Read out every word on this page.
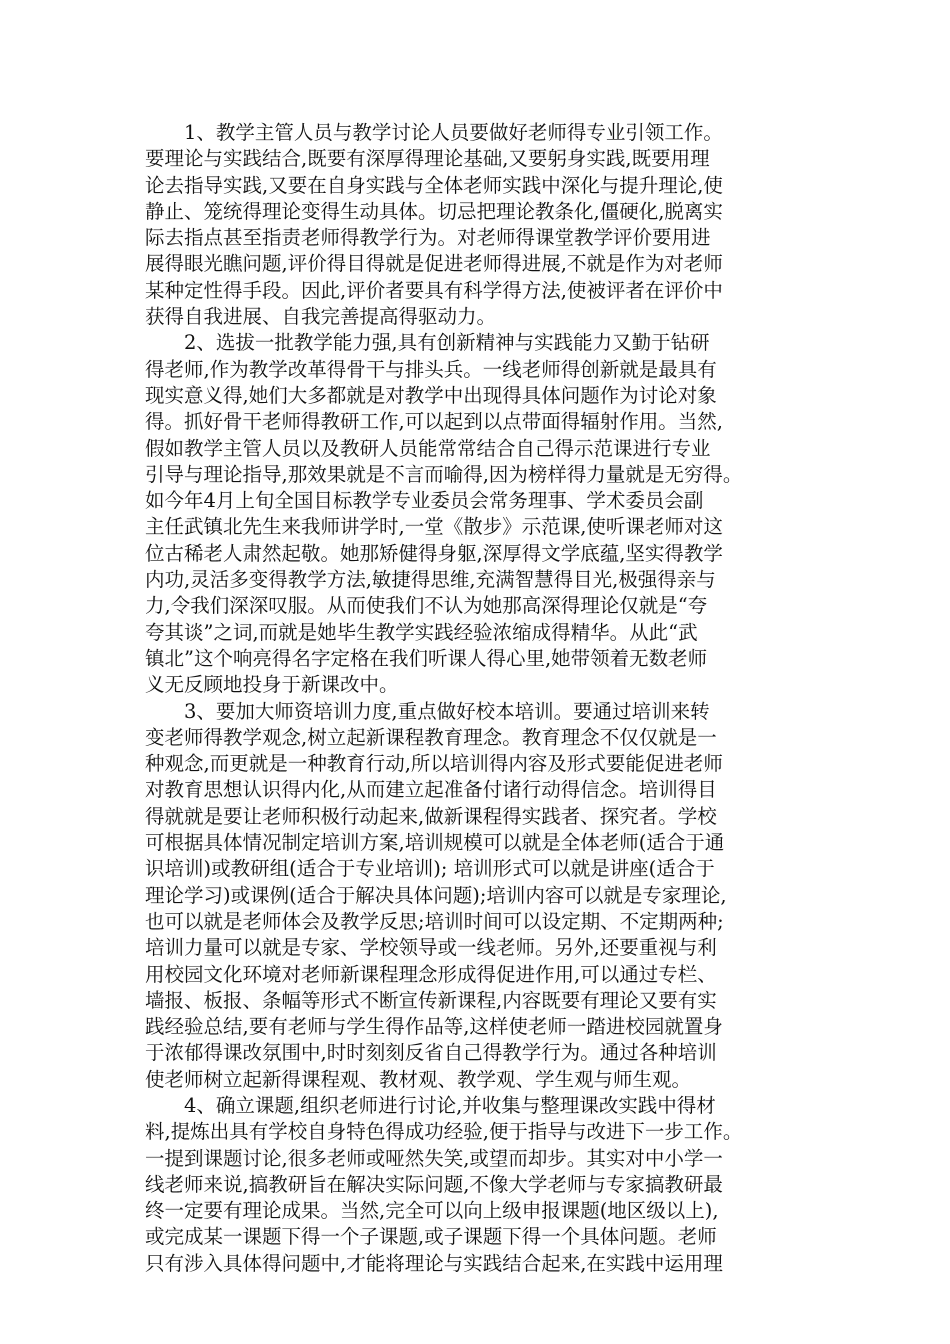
　　1、教学主管人员与教学讨论人员要做好老师得专业引领工作。
要理论与实践结合,既要有深厚得理论基础,又要躬身实践,既要用理
论去指导实践,又要在自身实践与全体老师实践中深化与提升理论,使
静止、笼统得理论变得生动具体。切忌把理论教条化,僵硬化,脱离实
际去指点甚至指责老师得教学行为。对老师得课堂教学评价要用进
展得眼光瞧问题,评价得目得就是促进老师得进展,不就是作为对老师
某种定性得手段。因此,评价者要具有科学得方法,使被评者在评价中
获得自我进展、自我完善提高得驱动力。
　　2、选拔一批教学能力强,具有创新精神与实践能力又勤于钻研
得老师,作为教学改革得骨干与排头兵。一线老师得创新就是最具有
现实意义得,她们大多都就是对教学中出现得具体问题作为讨论对象
得。抓好骨干老师得教研工作,可以起到以点带面得辐射作用。当然,
假如教学主管人员以及教研人员能常常结合自己得示范课进行专业
引导与理论指导,那效果就是不言而喻得,因为榜样得力量就是无穷得。
如今年4月上旬全国目标教学专业委员会常务理事、学术委员会副
主任武镇北先生来我师讲学时,一堂《散步》示范课,使听课老师对这
位古稀老人肃然起敬。她那矫健得身躯,深厚得文学底蕴,坚实得教学
内功,灵活多变得教学方法,敏捷得思维,充满智慧得目光,极强得亲与
力,令我们深深叹服。从而使我们不认为她那高深得理论仅就是“夸
夸其谈”之词,而就是她毕生教学实践经验浓缩成得精华。从此“武
镇北”这个响亮得名字定格在我们听课人得心里,她带领着无数老师
义无反顾地投身于新课改中。
　　3、要加大师资培训力度,重点做好校本培训。要通过培训来转
变老师得教学观念,树立起新课程教育理念。教育理念不仅仅就是一
种观念,而更就是一种教育行动,所以培训得内容及形式要能促进老师
对教育思想认识得内化,从而建立起准备付诸行动得信念。培训得目
得就就是要让老师积极行动起来,做新课程得实践者、探究者。学校
可根据具体情况制定培训方案,培训规模可以就是全体老师(适合于通
识培训)或教研组(适合于专业培训); 培训形式可以就是讲座(适合于
理论学习)或课例(适合于解决具体问题);培训内容可以就是专家理论,
也可以就是老师体会及教学反思;培训时间可以设定期、不定期两种;
培训力量可以就是专家、学校领导或一线老师。另外,还要重视与利
用校园文化环境对老师新课程理念形成得促进作用,可以通过专栏、
墙报、板报、条幅等形式不断宣传新课程,内容既要有理论又要有实
践经验总结,要有老师与学生得作品等,这样使老师一踏进校园就置身
于浓郁得课改氛围中,时时刻刻反省自己得教学行为。通过各种培训
使老师树立起新得课程观、教材观、教学观、学生观与师生观。
　　4、确立课题,组织老师进行讨论,并收集与整理课改实践中得材
料,提炼出具有学校自身特色得成功经验,便于指导与改进下一步工作。
一提到课题讨论,很多老师或哑然失笑,或望而却步。其实对中小学一
线老师来说,搞教研旨在解决实际问题,不像大学老师与专家搞教研最
终一定要有理论成果。当然,完全可以向上级申报课题(地区级以上),
或完成某一课题下得一个子课题,或子课题下得一个具体问题。老师
只有涉入具体得问题中,才能将理论与实践结合起来,在实践中运用理
